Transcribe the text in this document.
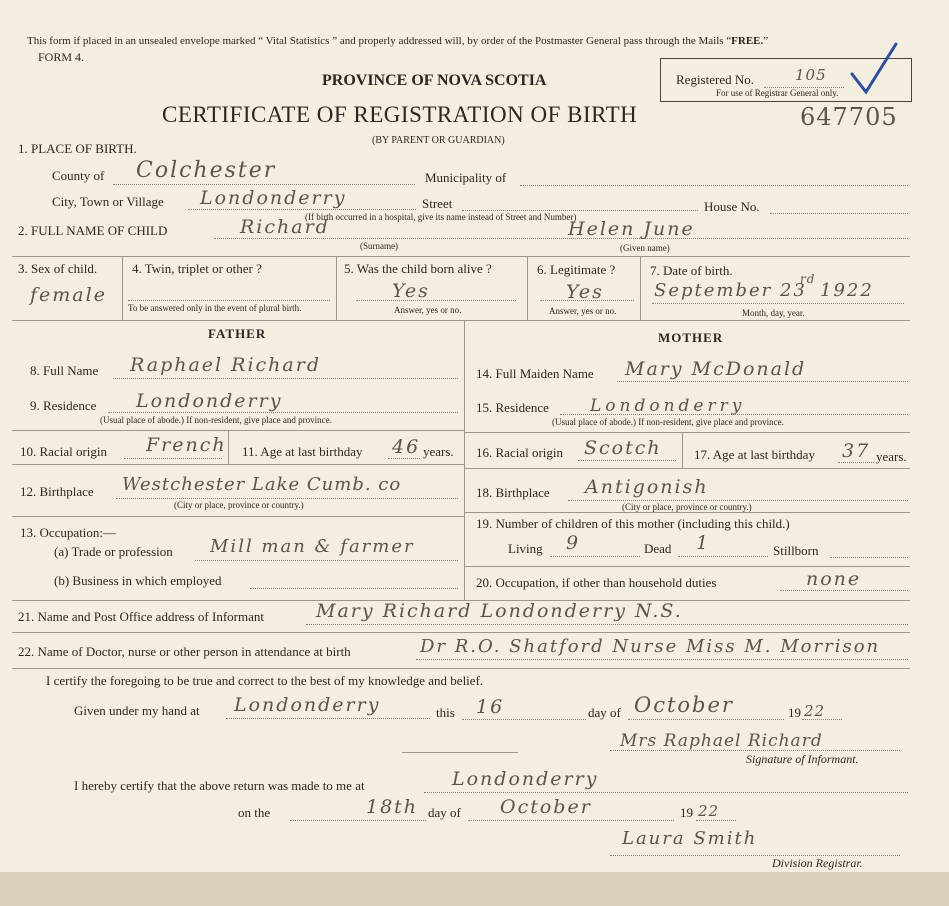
This form if placed in an unsealed envelope marked “ Vital Statistics ” and properly addressed will, by order of the Postmaster General pass through the Mails “FREE.”
FORM 4.
Registered No.	105
For use of Registrar General only.
PROVINCE OF NOVA SCOTIA
CERTIFICATE OF REGISTRATION OF BIRTH
(BY PARENT OR GUARDIAN)
647705
1. PLACE OF BIRTH.
County of Colchester	Municipality of
City, Town or Village Londonderry	Street	House No.
(If birth occurred in a hospital, give its name instead of Street and Number)
2. FULL NAME OF CHILD	Richard
(Surname)
Helen June
(Given name)
3. Sex of child.
female
4. Twin, triplet or other ?
To be answered only in the event of plural birth.
5. Was the child born alive ?
Yes
Answer, yes or no.
6. Legitimate ?
Yes
Answer, yes or no.
7. Date of birth.
September 23
rd
1922
Month, day, year.
FATHER	MOTHER
8. Full Name Raphael Richard
9. Residence Londonderry
(Usual place of abode.) If non-resident, give place and province.
10. Racial origin French 11. Age at last birthday 46 years.
12. Birthplace Westchester Lake Cumb. co
(City or place, province or country.)
13. Occupation:—
(a) Trade or profession Mill man & farmer
(b) Business in which employed
14. Full Maiden Name Mary McDonald
15. Residence Londonderry
(Usual place of abode.) If non-resident, give place and province.
16. Racial origin Scotch 17. Age at last birthday 37 years.
18. Birthplace Antigonish
(City or place, province or country.)
19. Number of children of this mother (including this child.)
Living 9	Dead 1	Stillborn
20. Occupation, if other than household duties	none
21. Name and Post Office address of Informant	Mary Richard Londonderry N.S.
22. Name of Doctor, nurse or other person in attendance at birth	Dr R.O. Shatford Nurse Miss M. Morrison
I certify the foregoing to be true and correct to the best of my knowledge and belief.
Given under my hand at Londonderry	this 16	day of October	19 22
Mrs Raphael Richard
Signature of Informant.
I hereby certify that the above return was made to me at	Londonderry
on the	18th day of October	19 22
Laura Smith
Division Registrar.
